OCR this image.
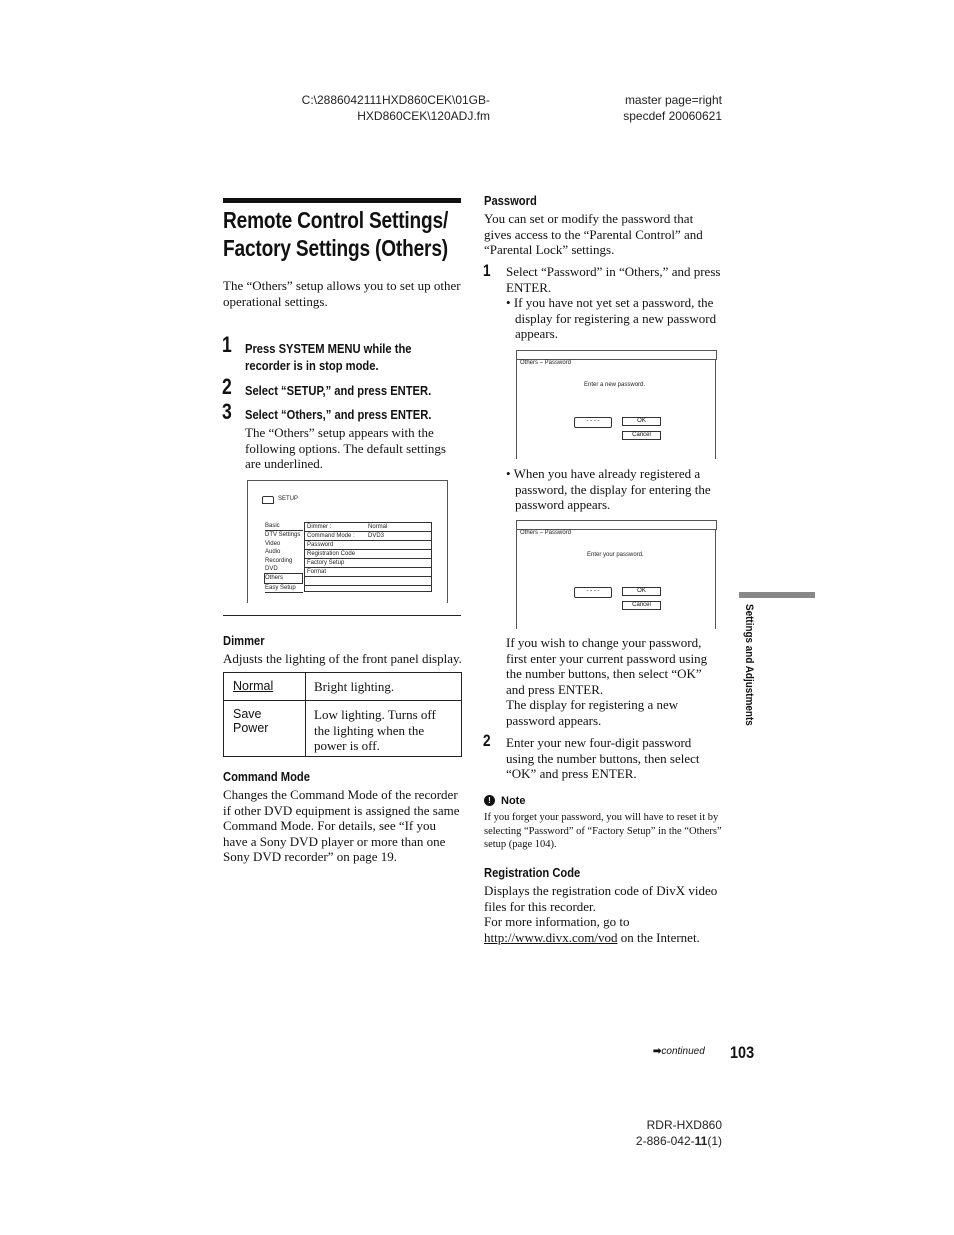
C:\2886042111HXD860CEK\01GB-
HXD860CEK\120ADJ.fm
master page=right
specdef 20060621
Remote Control Settings/
Factory Settings (Others)
The “Others” setup allows you to set up other operational settings.
1 Press SYSTEM MENU while the recorder is in stop mode.
2 Select “SETUP,” and press ENTER.
3 Select “Others,” and press ENTER.
The “Others” setup appears with the following options. The default settings are underlined.
SETUP
Basic
DTV Settings
Video
Audio
Recording
DVD
Others
Easy Setup
Dimmer :	Normal
Command Mode : DVD3
Password
Registration Code
Factory Setup
Format
Dimmer
Adjusts the lighting of the front panel display.
Normal	Bright lighting.

Save Power	Low lighting. Turns off the lighting when the power is off.
Command Mode
Changes the Command Mode of the recorder if other DVD equipment is assigned the same Command Mode. For details, see “If you have a Sony DVD player or more than one Sony DVD recorder” on page 19.
Password
You can set or modify the password that gives access to the “Parental Control” and “Parental Lock” settings.
1 Select “Password” in “Others,” and press ENTER.
• If you have not yet set a password, the display for registering a new password appears.
Others – Password
Enter a new password.
- - - -	OK
Cancel
• When you have already registered a password, the display for entering the password appears.
Others – Password
Enter your password.
- - - -	OK
Cancel
If you wish to change your password, first enter your current password using the number buttons, then select “OK” and press ENTER.
The display for registering a new password appears.
2 Enter your new four-digit password using the number buttons, then select “OK” and press ENTER.
! Note
If you forget your password, you will have to reset it by selecting “Password” of “Factory Setup” in the “Others” setup (page 104).
Registration Code
Displays the registration code of DivX video files for this recorder.
For more information, go to http://www.divx.com/vod on the Internet.
Settings and Adjustments
➡continued 103
RDR-HXD860
2-886-042-11(1)
